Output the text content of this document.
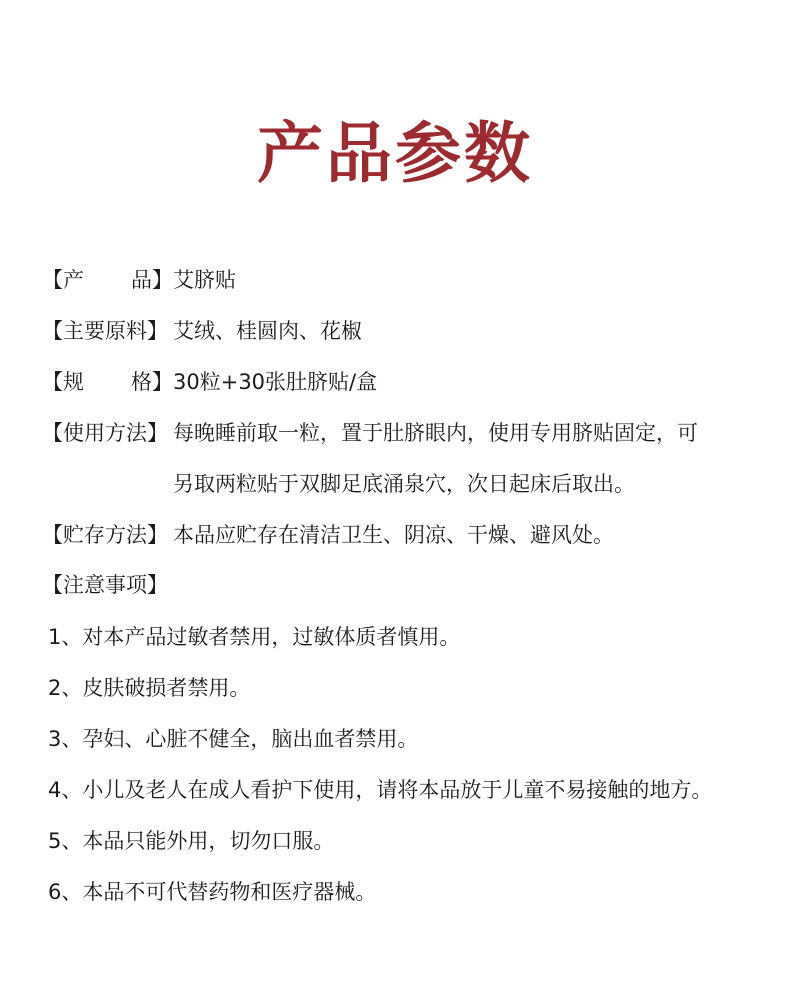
产品参数
【产 品】 艾脐贴
【主要原料】 艾绒、桂圆肉、花椒
【规 格】 30粒+30张肚脐贴/盒
【使用方法】 每晚睡前取一粒，置于肚脐眼内，使用专用脐贴固定，可
另取两粒贴于双脚足底涌泉穴，次日起床后取出。
【贮存方法】 本品应贮存在清洁卫生、阴凉、干燥、避风处。
【注意事项】
1、对本产品过敏者禁用，过敏体质者慎用。
2、皮肤破损者禁用。
3、孕妇、心脏不健全，脑出血者禁用。
4、小儿及老人在成人看护下使用，请将本品放于儿童不易接触的地方。
5、本品只能外用，切勿口服。
6、本品不可代替药物和医疗器械。
